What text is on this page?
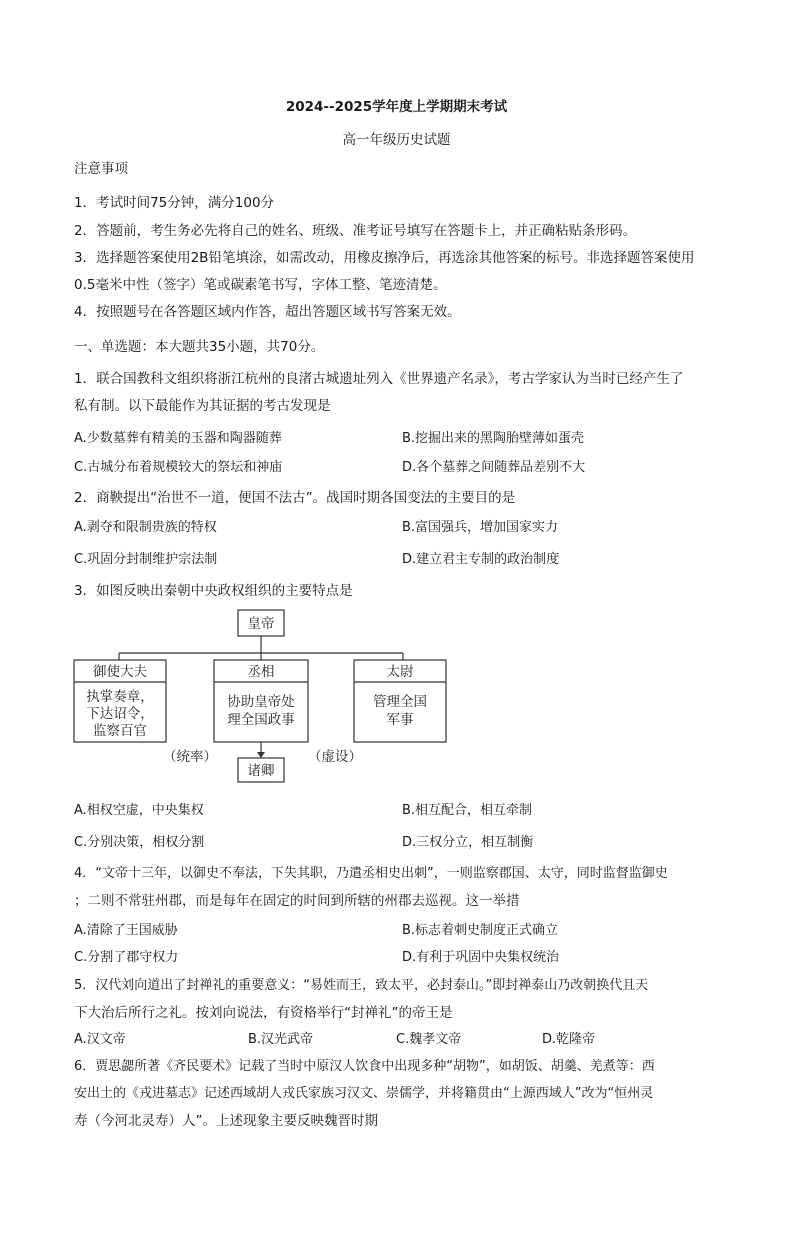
2024--2025学年度上学期期末考试
高一年级历史试题
注意事项
1．考试时间75分钟，满分100分
2．答题前，考生务必先将自己的姓名、班级、准考证号填写在答题卡上，并正确粘贴条形码。
3．选择题答案使用2B铅笔填涂，如需改动，用橡皮擦净后，再选涂其他答案的标号。非选择题答案使用
0.5毫米中性（签字）笔或碳素笔书写，字体工整、笔迹清楚。
4．按照题号在各答题区域内作答，超出答题区域书写答案无效。
一、单选题：本大题共35小题，共70分。
1．联合国教科文组织将浙江杭州的良渚古城遗址列入《世界遗产名录》，考古学家认为当时已经产生了
私有制。以下最能作为其证据的考古发现是
A.少数墓葬有精美的玉器和陶器随葬	B.挖掘出来的黑陶胎壁薄如蛋壳
C.古城分布着规模较大的祭坛和神庙	D.各个墓葬之间随葬品差别不大
2．商鞅提出“治世不一道，便国不法古”。战国时期各国变法的主要目的是
A.剥夺和限制贵族的特权	B.富国强兵，增加国家实力
C.巩固分封制维护宗法制	D.建立君主专制的政治制度
3．如图反映出秦朝中央政权组织的主要特点是
皇帝
御使大夫
执掌奏章，
下达诏令，
监察百官
丞相
协助皇帝处
理全国政事
太尉
管理全国
军事
（统率）	（虚设）
诸卿
A.相权空虚，中央集权	B.相互配合，相互牵制
C.分别决策，相权分割	D.三权分立，相互制衡
4．“文帝十三年，以御史不奉法，下失其职，乃遣丞相史出刺”，一则监察郡国、太守，同时监督监御史
；二则不常驻州郡，而是每年在固定的时间到所辖的州郡去巡视。这一举措
A.清除了王国威胁	B.标志着刺史制度正式确立
C.分割了郡守权力	D.有利于巩固中央集权统治
5．汉代刘向道出了封禅礼的重要意义：“易姓而王，致太平，必封泰山。”即封禅泰山乃改朝换代且天
下大治后所行之礼。按刘向说法，有资格举行“封禅礼”的帝王是
A.汉文帝	B.汉光武帝	C.魏孝文帝	D.乾隆帝
6．贾思勰所著《齐民要术》记载了当时中原汉人饮食中出现多种“胡物”，如胡饭、胡羹、羌煮等：西
安出土的《戎进墓志》记述西域胡人戎氏家族习汉文、崇儒学，并将籍贯由“上源西域人”改为“恒州灵
寿（今河北灵寿）人”。上述现象主要反映魏晋时期
